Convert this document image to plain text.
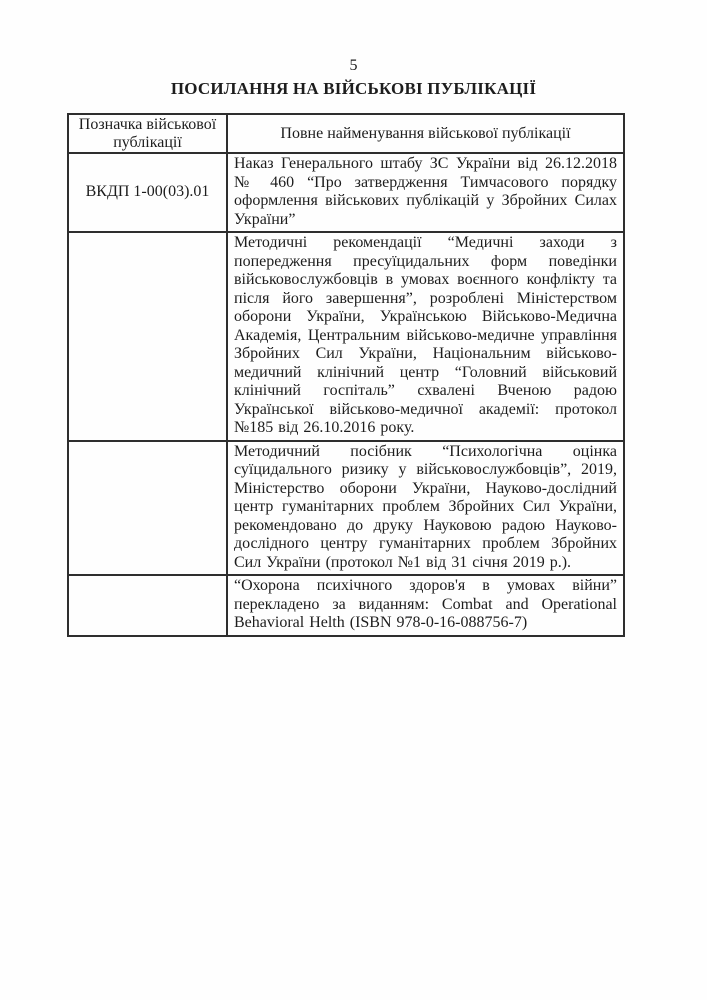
5
ПОСИЛАННЯ НА ВІЙСЬКОВІ ПУБЛІКАЦІЇ
Позначка військової публікації	Повне найменування військової публікації
ВКДП 1-00(03).01	Наказ Генерального штабу ЗС України від 26.12.2018 № 460 “Про затвердження Тимчасового порядку оформлення військових публікацій у Збройних Силах України”
	Методичні рекомендації “Медичні заходи з попередження пресуїцидальних форм поведінки військовослужбовців в умовах воєнного конфлікту та після його завершення”, розроблені Міністерством оборони України, Українською Військово-Медична Академія, Центральним військово-медичне управління Збройних Сил України, Національним військово-медичний клінічний центр “Головний військовий клінічний госпіталь” схвалені Вченою радою Української військово-медичної академії: протокол №185 від 26.10.2016 року.
	Методичний посібник “Психологічна оцінка суїцидального ризику у військовослужбовців”, 2019, Міністерство оборони України, Науково-дослідний центр гуманітарних проблем Збройних Сил України, рекомендовано до друку Науковою радою Науково-дослідного центру гуманітарних проблем Збройних Сил України (протокол №1 від 31 січня 2019 р.).
	“Охорона психічного здоров'я в умовах війни” перекладено за виданням: Combat and Operational Behavioral Helth (ISBN 978-0-16-088756-7)
